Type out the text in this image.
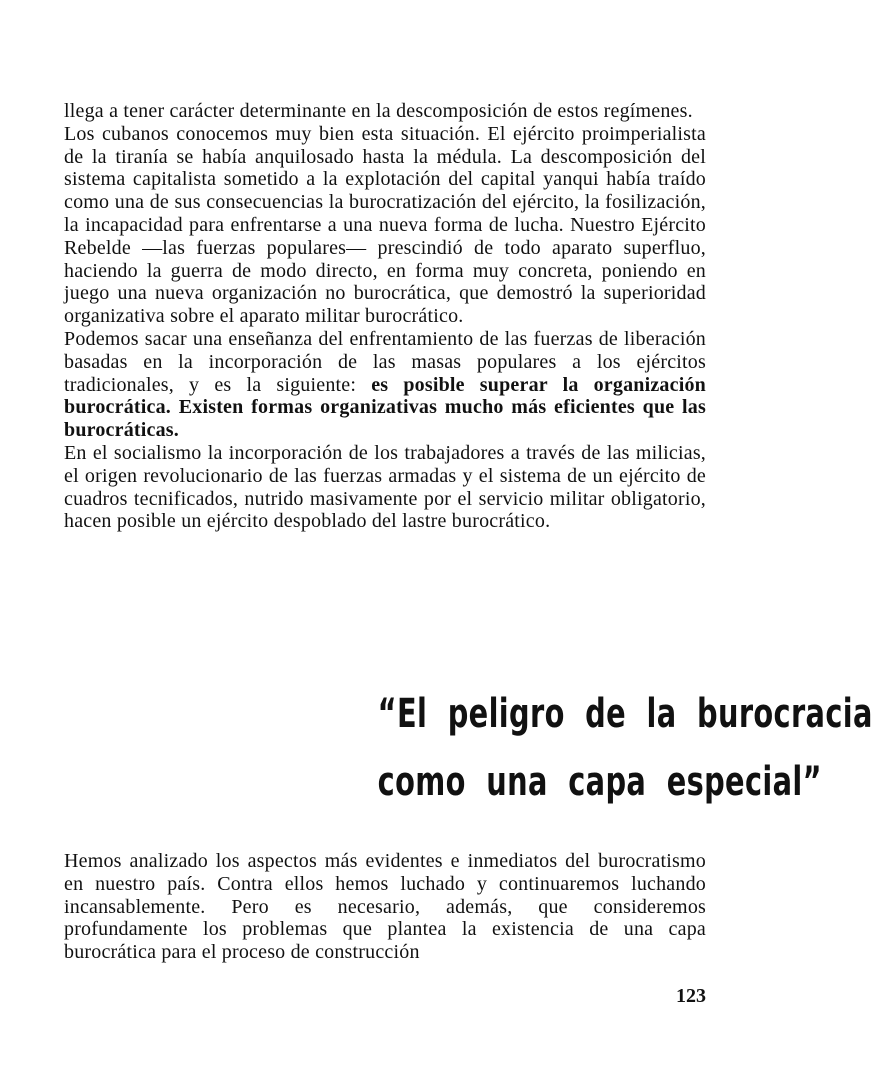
llega a tener carácter determinante en la descomposición de estos regímenes.

Los cubanos conocemos muy bien esta situación. El ejército proimperialista de la tiranía se había anquilosado hasta la médula. La descomposición del sistema capitalista sometido a la explotación del capital yanqui había traído como una de sus consecuencias la burocratización del ejército, la fosilización, la incapacidad para enfrentarse a una nueva forma de lucha. Nuestro Ejército Rebelde —las fuerzas populares— prescindió de todo aparato superfluo, haciendo la guerra de modo directo, en forma muy concreta, poniendo en juego una nueva organización no burocrática, que demostró la superioridad organizativa sobre el aparato militar burocrático.

Podemos sacar una enseñanza del enfrentamiento de las fuerzas de liberación basadas en la incorporación de las masas populares a los ejércitos tradicionales, y es la siguiente: es posible superar la organización burocrática. Existen formas organizativas mucho más eficientes que las burocráticas.

En el socialismo la incorporación de los trabajadores a través de las milicias, el origen revolucionario de las fuerzas armadas y el sistema de un ejército de cuadros tecnificados, nutrido masivamente por el servicio militar obligatorio, hacen posible un ejército despoblado del lastre burocrático.

“El peligro de la burocracia
como una capa especial”

Hemos analizado los aspectos más evidentes e inmediatos del burocratismo en nuestro país. Contra ellos hemos luchado y continuaremos luchando incansablemente. Pero es necesario, además, que consideremos profundamente los problemas que plantea la existencia de una capa burocrática para el proceso de construcción

123
